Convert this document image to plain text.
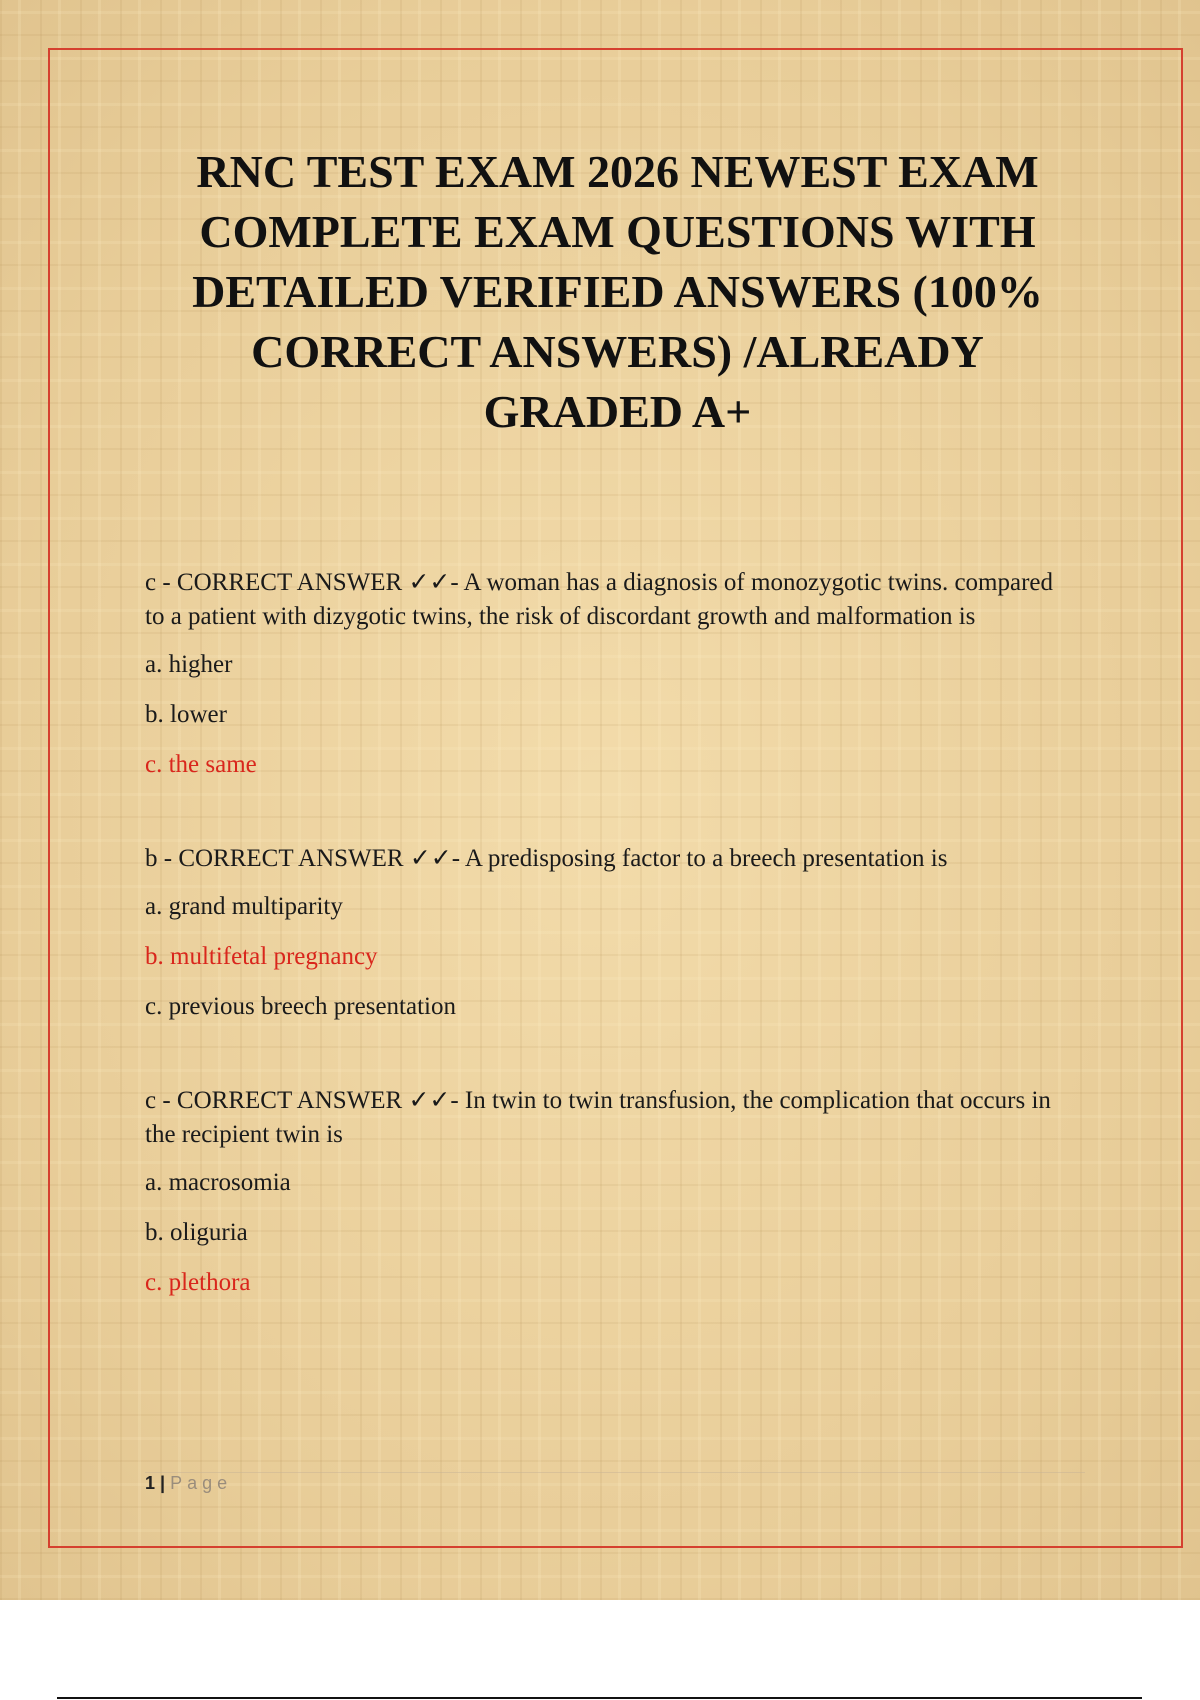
RNC TEST EXAM 2026 NEWEST EXAM COMPLETE EXAM QUESTIONS WITH DETAILED VERIFIED ANSWERS (100% CORRECT ANSWERS) /ALREADY GRADED A+

c - CORRECT ANSWER ✓✓- A woman has a diagnosis of monozygotic twins. compared to a patient with dizygotic twins, the risk of discordant growth and malformation is

a. higher

b. lower

c. the same

b - CORRECT ANSWER ✓✓- A predisposing factor to a breech presentation is

a. grand multiparity

b. multifetal pregnancy

c. previous breech presentation

c - CORRECT ANSWER ✓✓- In twin to twin transfusion, the complication that occurs in the recipient twin is

a. macrosomia

b. oliguria

c. plethora

1 | Page
